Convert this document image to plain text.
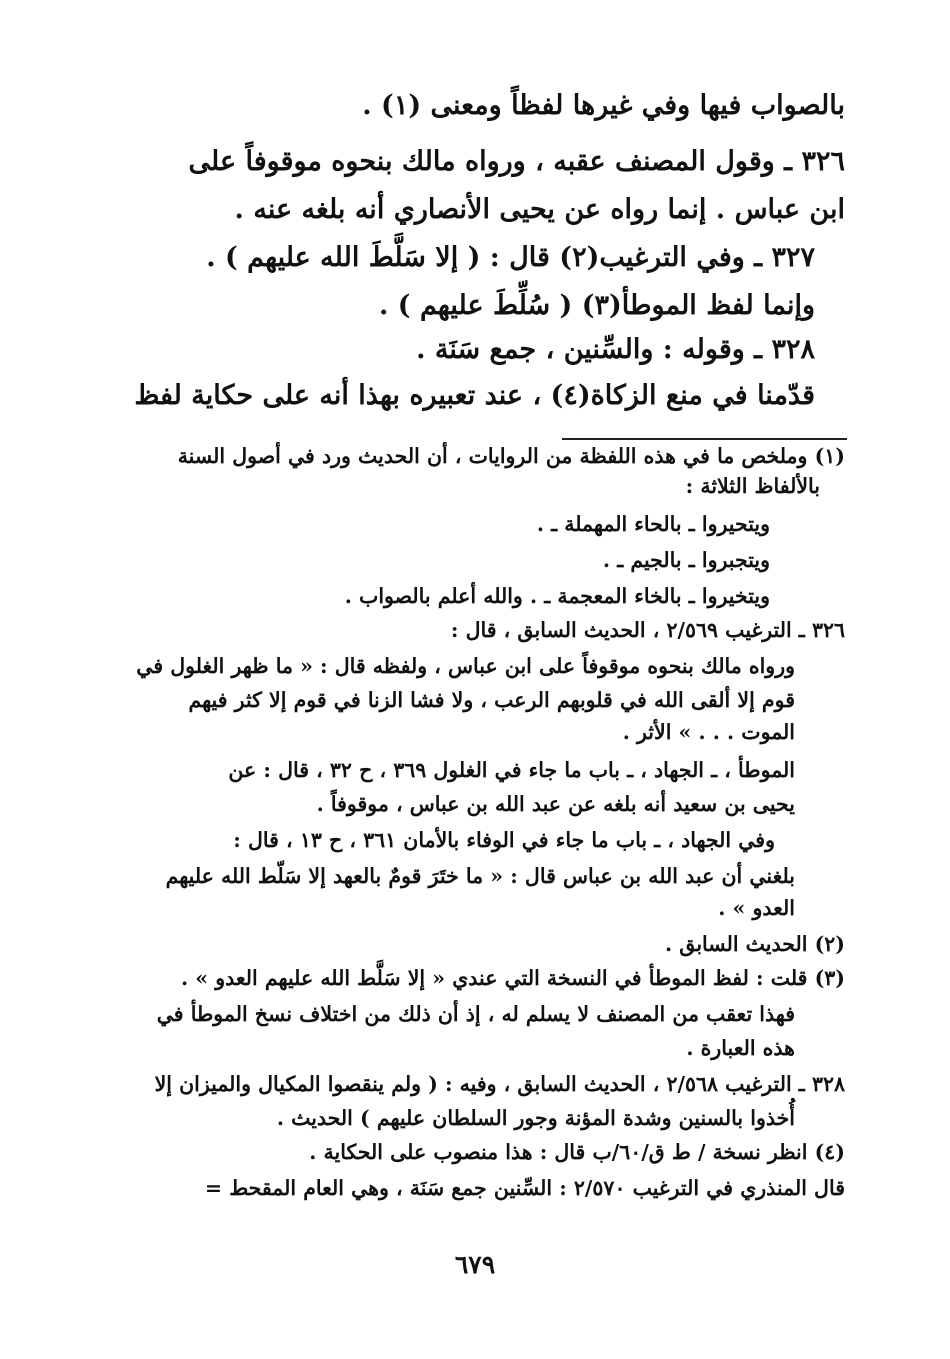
بالصواب فيها وفي غيرها لفظاً ومعنى (١) .
٣٢٦ ـ وقول المصنف عقبه ، ورواه مالك بنحوه موقوفاً على
ابن عباس . إنما رواه عن يحيى الأنصاري أنه بلغه عنه .
٣٢٧ ـ وفي الترغيب(٢) قال : ( إلا سَلَّطَ الله عليهم ) .
وإنما لفظ الموطأ(٣) ( سُلِّطَ عليهم ) .
٣٢٨ ـ وقوله : والسِّنين ، جمع سَنَة .
قدّمنا في منع الزكاة(٤) ، عند تعبيره بهذا أنه على حكاية لفظ
(١) وملخص ما في هذه اللفظة من الروايات ، أن الحديث ورد في أصول السنة
بالألفاظ الثلاثة :
ويتحيروا ـ بالحاء المهملة ـ .
ويتجبروا ـ بالجيم ـ .
ويتخيروا ـ بالخاء المعجمة ـ . والله أعلم بالصواب .
٣٢٦ ـ الترغيب ٢/٥٦٩ ، الحديث السابق ، قال :
ورواه مالك بنحوه موقوفاً على ابن عباس ، ولفظه قال : « ما ظهر الغلول في
قوم إلا ألقى الله في قلوبهم الرعب ، ولا فشا الزنا في قوم إلا كثر فيهم
الموت . . . » الأثر .
الموطأ ، ـ الجهاد ، ـ باب ما جاء في الغلول ٣٦٩ ، ح ٣٢ ، قال : عن
يحيى بن سعيد أنه بلغه عن عبد الله بن عباس ، موقوفاً .
وفي الجهاد ، ـ باب ما جاء في الوفاء بالأمان ٣٦١ ، ح ١٣ ، قال :
بلغني أن عبد الله بن عباس قال : « ما ختَرَ قومٌ بالعهد إلا سَلّط الله عليهم
العدو » .
(٢) الحديث السابق .
(٣) قلت : لفظ الموطأ في النسخة التي عندي « إلا سَلَّط الله عليهم العدو » .
فهذا تعقب من المصنف لا يسلم له ، إذ أن ذلك من اختلاف نسخ الموطأ في
هذه العبارة .
٣٢٨ ـ الترغيب ٢/٥٦٨ ، الحديث السابق ، وفيه : ( ولم ينقصوا المكيال والميزان إلا
أُخذوا بالسنين وشدة المؤنة وجور السلطان عليهم ) الحديث .
(٤) انظر نسخة / ط ق/٦٠/ب قال : هذا منصوب على الحكاية .
قال المنذري في الترغيب ٢/٥٧٠ : السِّنين جمع سَنَة ، وهي العام المقحط =
٦٧٩
